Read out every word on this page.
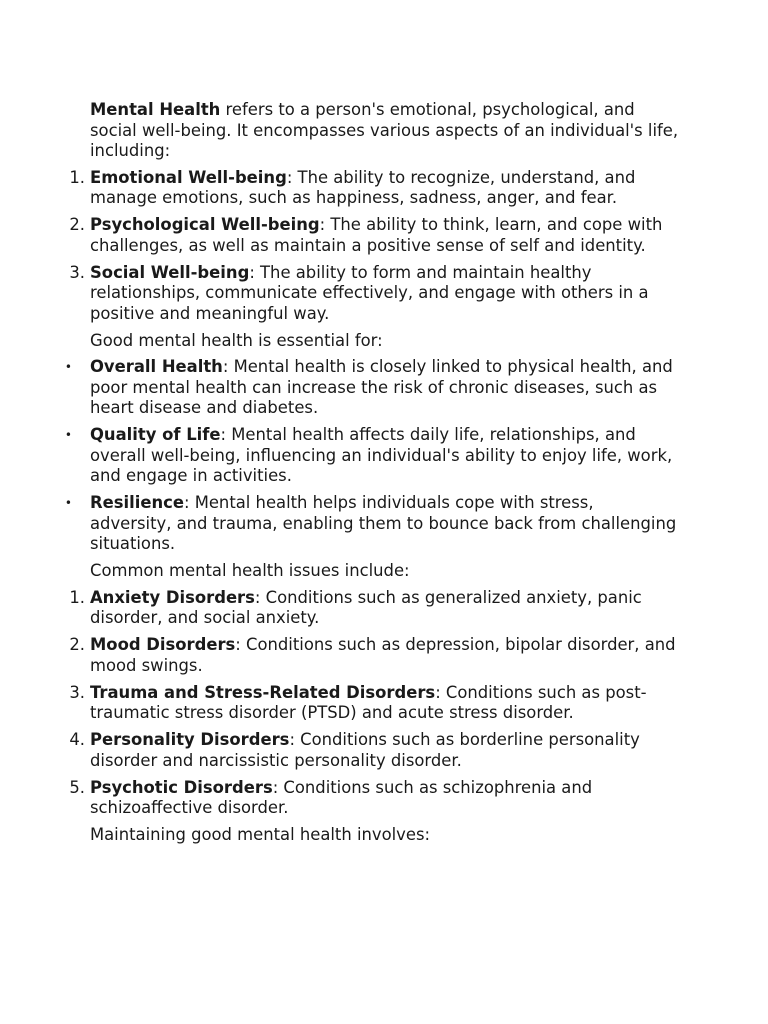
Mental Health refers to a person's emotional, psychological, and social well-being. It encompasses various aspects of an individual's life, including:

1. Emotional Well-being: The ability to recognize, understand, and manage emotions, such as happiness, sadness, anger, and fear.
2. Psychological Well-being: The ability to think, learn, and cope with challenges, as well as maintain a positive sense of self and identity.
3. Social Well-being: The ability to form and maintain healthy relationships, communicate effectively, and engage with others in a positive and meaningful way.

Good mental health is essential for:

• Overall Health: Mental health is closely linked to physical health, and poor mental health can increase the risk of chronic diseases, such as heart disease and diabetes.
• Quality of Life: Mental health affects daily life, relationships, and overall well-being, influencing an individual's ability to enjoy life, work, and engage in activities.
• Resilience: Mental health helps individuals cope with stress, adversity, and trauma, enabling them to bounce back from challenging situations.

Common mental health issues include:

1. Anxiety Disorders: Conditions such as generalized anxiety, panic disorder, and social anxiety.
2. Mood Disorders: Conditions such as depression, bipolar disorder, and mood swings.
3. Trauma and Stress-Related Disorders: Conditions such as post-traumatic stress disorder (PTSD) and acute stress disorder.
4. Personality Disorders: Conditions such as borderline personality disorder and narcissistic personality disorder.
5. Psychotic Disorders: Conditions such as schizophrenia and schizoaffective disorder.

Maintaining good mental health involves:
